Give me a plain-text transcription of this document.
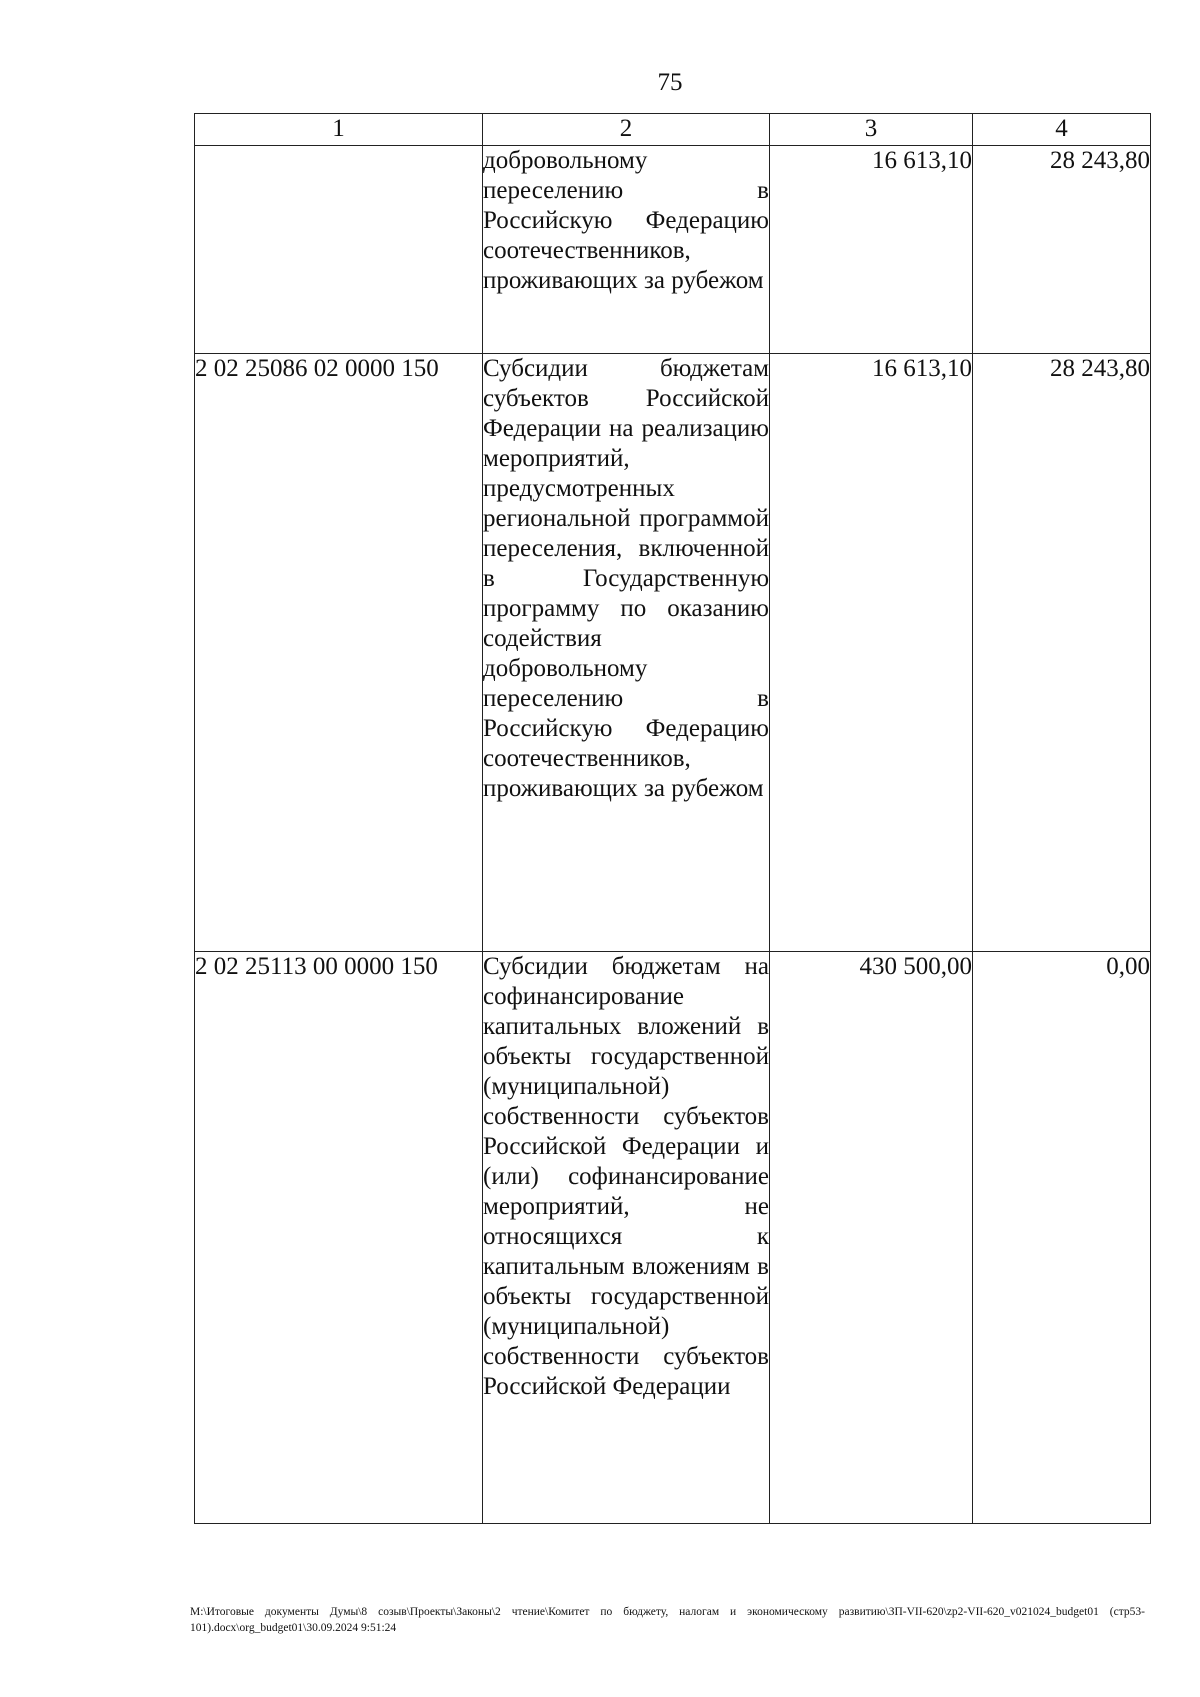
75
1	2	3	4
	добровольному переселению в Российскую Федерацию соотечественников, проживающих за рубежом	16 613,10	28 243,80
2 02 25086 02 0000 150	Субсидии бюджетам субъектов Российской Федерации на реализацию мероприятий, предусмотренных региональной программой переселения, включенной в Государственную программу по оказанию содействия добровольному переселению в Российскую Федерацию соотечественников, проживающих за рубежом	16 613,10	28 243,80
2 02 25113 00 0000 150	Субсидии бюджетам на софинансирование капитальных вложений в объекты государственной (муниципальной) собственности субъектов Российской Федерации и (или) софинансирование мероприятий, не относящихся к капитальным вложениям в объекты государственной (муниципальной) собственности субъектов Российской Федерации	430 500,00	0,00
M:\Итоговые документы Думы\8 созыв\Проекты\Законы\2 чтение\Комитет по бюджету, налогам и экономическому развитию\ЗП-VII-620\zp2-VII-620_v021024_budget01 (стр53-101).docx\org_budget01\30.09.2024 9:51:24
